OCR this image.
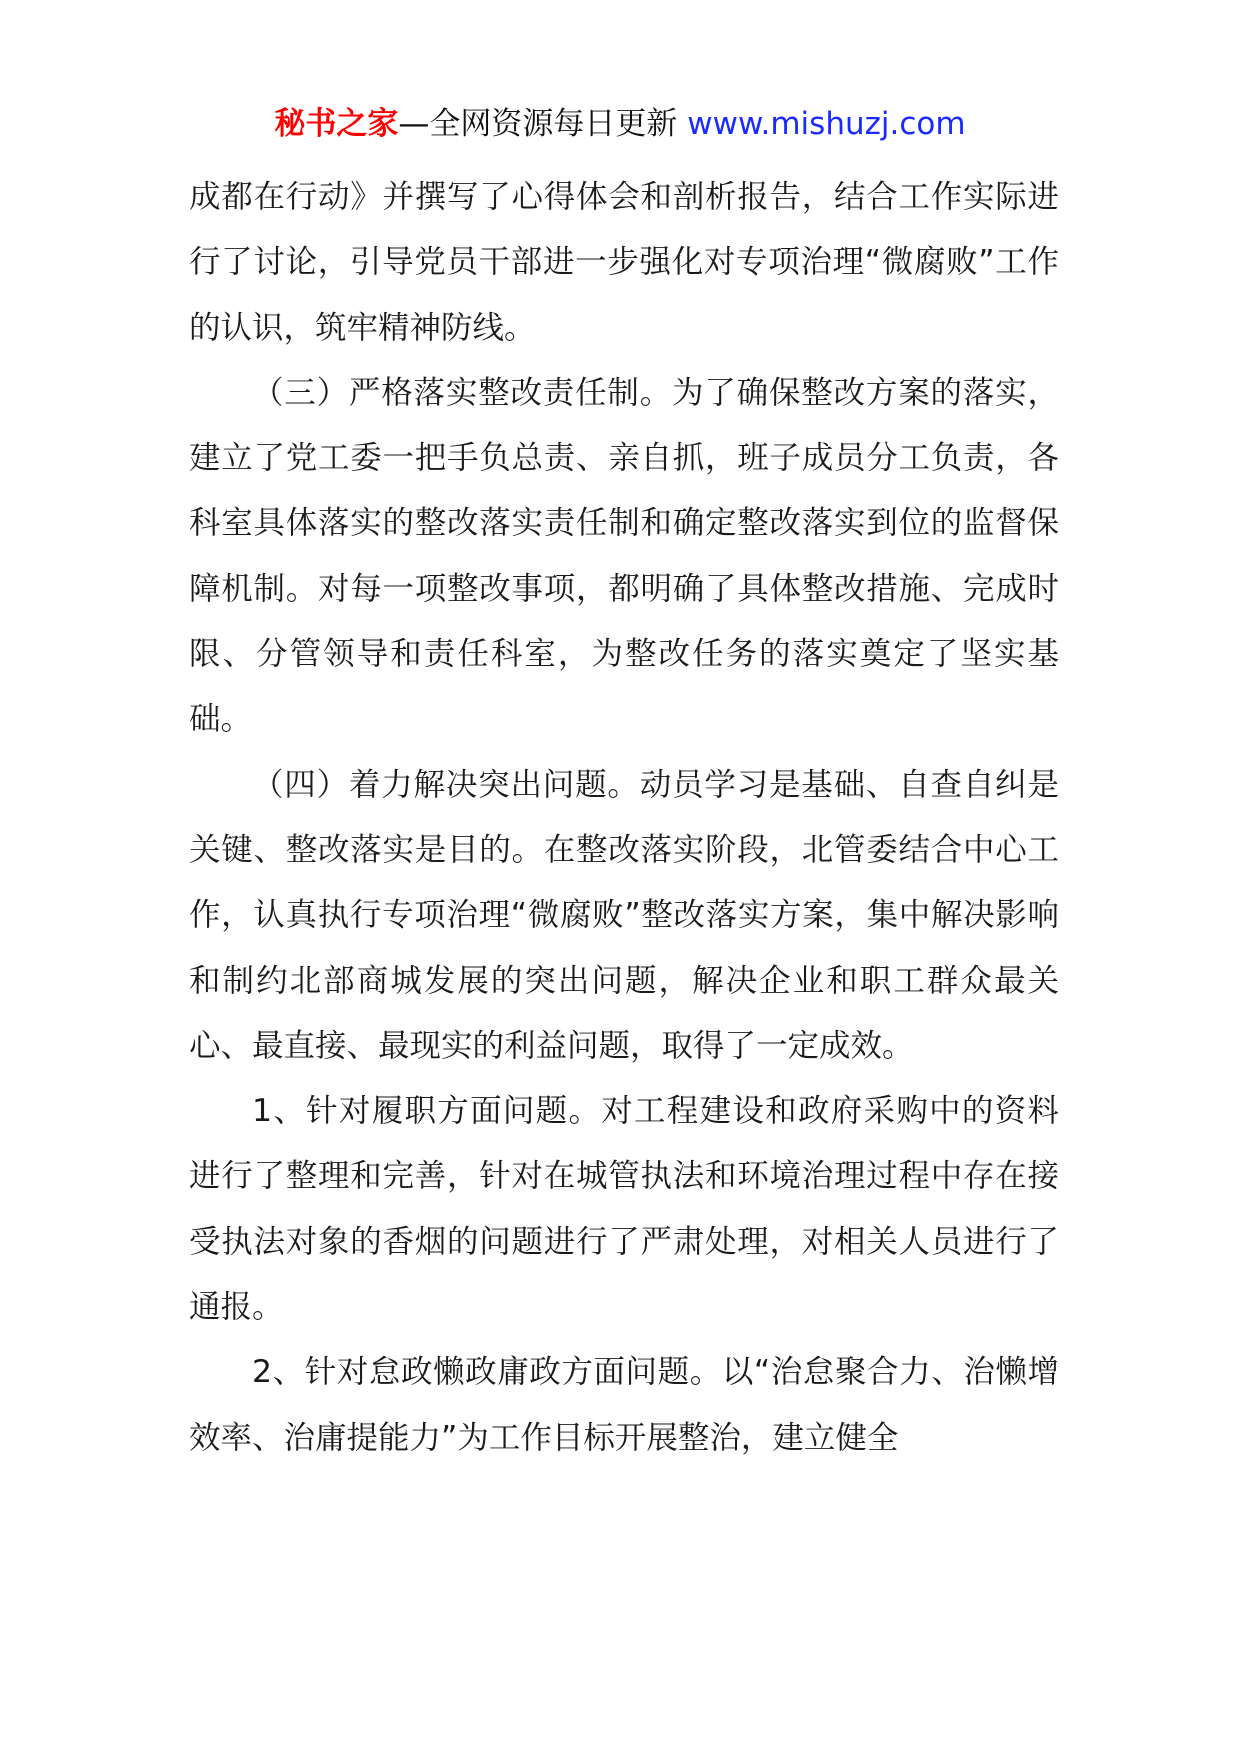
秘书之家—全网资源每日更新 www.mishuzj.com

成都在行动》并撰写了心得体会和剖析报告，结合工作实际进行了讨论，引导党员干部进一步强化对专项治理“微腐败”工作的认识，筑牢精神防线。

（三）严格落实整改责任制。为了确保整改方案的落实，建立了党工委一把手负总责、亲自抓，班子成员分工负责，各科室具体落实的整改落实责任制和确定整改落实到位的监督保障机制。对每一项整改事项，都明确了具体整改措施、完成时限、分管领导和责任科室，为整改任务的落实奠定了坚实基础。

（四）着力解决突出问题。动员学习是基础、自查自纠是关键、整改落实是目的。在整改落实阶段，北管委结合中心工作，认真执行专项治理“微腐败”整改落实方案，集中解决影响和制约北部商城发展的突出问题，解决企业和职工群众最关心、最直接、最现实的利益问题，取得了一定成效。

1、针对履职方面问题。对工程建设和政府采购中的资料进行了整理和完善，针对在城管执法和环境治理过程中存在接受执法对象的香烟的问题进行了严肃处理，对相关人员进行了通报。

2、针对怠政懒政庸政方面问题。以“治怠聚合力、治懒增效率、治庸提能力”为工作目标开展整治，建立健全
